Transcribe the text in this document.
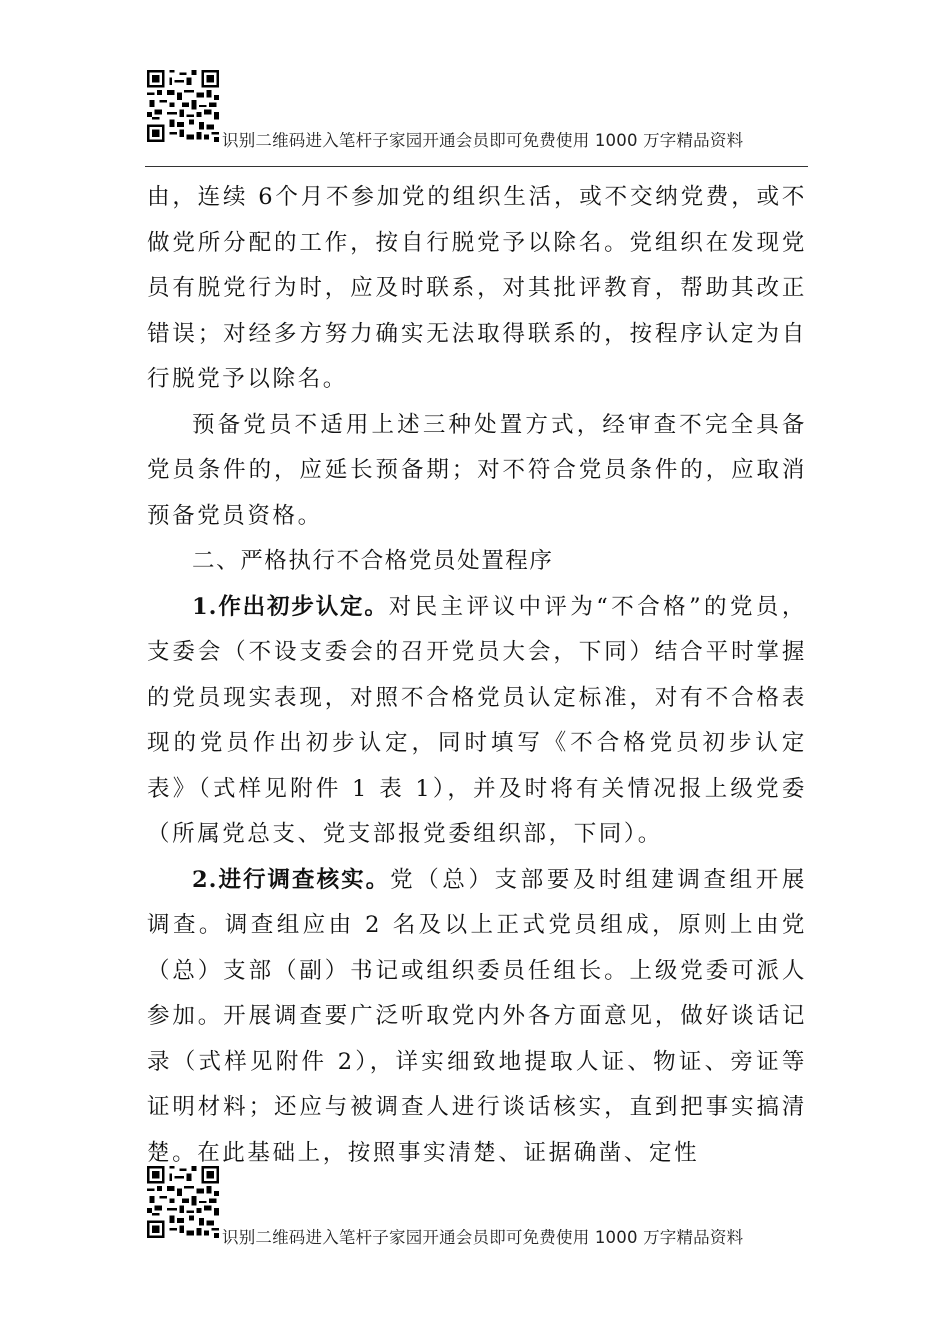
识别二维码进入笔杆子家园开通会员即可免费使用 1000 万字精品资料

由，连续 6个月不参加党的组织生活，或不交纳党费，或不做党所分配的工作，按自行脱党予以除名。党组织在发现党员有脱党行为时，应及时联系，对其批评教育，帮助其改正错误；对经多方努力确实无法取得联系的，按程序认定为自行脱党予以除名。

预备党员不适用上述三种处置方式，经审查不完全具备党员条件的，应延长预备期；对不符合党员条件的，应取消预备党员资格。

二、严格执行不合格党员处置程序

1.作出初步认定。对民主评议中评为“不合格”的党员，支委会（不设支委会的召开党员大会，下同）结合平时掌握的党员现实表现，对照不合格党员认定标准，对有不合格表现的党员作出初步认定，同时填写《不合格党员初步认定表》（式样见附件 1 表 1），并及时将有关情况报上级党委（所属党总支、党支部报党委组织部，下同）。

2.进行调查核实。党（总）支部要及时组建调查组开展调查。调查组应由 2 名及以上正式党员组成，原则上由党（总）支部（副）书记或组织委员任组长。上级党委可派人参加。开展调查要广泛听取党内外各方面意见，做好谈话记录（式样见附件 2），详实细致地提取人证、物证、旁证等证明材料；还应与被调查人进行谈话核实，直到把事实搞清楚。在此基础上，按照事实清楚、证据确凿、定性

识别二维码进入笔杆子家园开通会员即可免费使用 1000 万字精品资料
